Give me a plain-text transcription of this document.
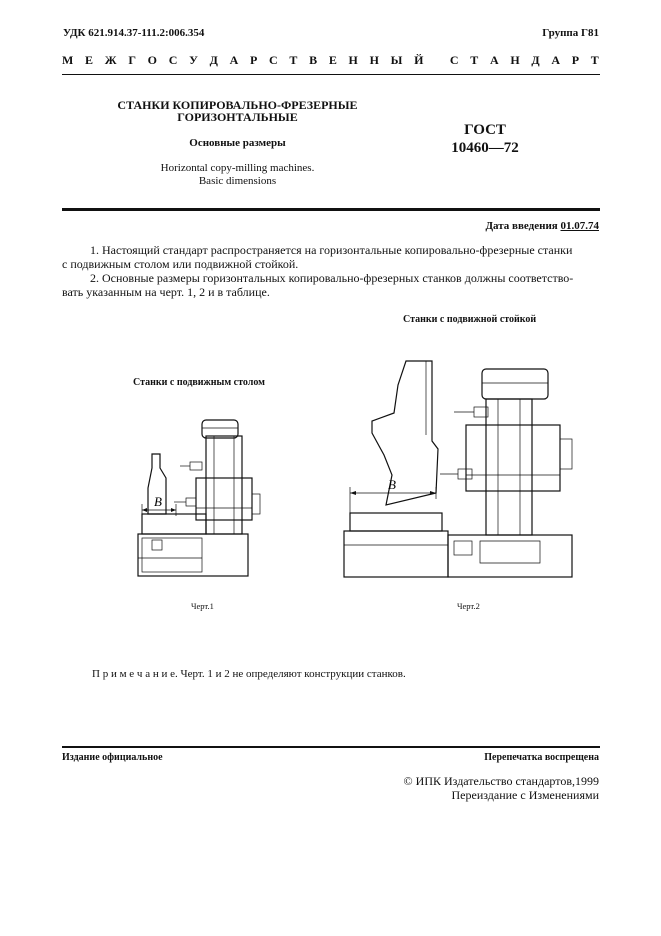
УДК 621.914.37-111.2:006.354	Группа Г81
М Е Ж Г О С У Д А Р С Т В Е Н Н Ы Й
С Т А Н Д А Р Т
СТАНКИ КОПИРОВАЛЬНО-ФРЕЗЕРНЫЕ
ГОРИЗОНТАЛЬНЫЕ
Основные размеры
Horizontal copy-milling machines.
Basic dimensions
ГОСТ
10460—72
Дата введения 01.07.74
1. Настоящий стандарт распространяется на горизонтальные копировально-фрезерные станки
с подвижным столом или подвижной стойкой.
2. Основные размеры горизонтальных копировально-фрезерных станков должны соответство-
вать указанным на черт. 1, 2 и в таблице.
Станки с подвижным столом
Станки с подвижной стойкой
B
B
Черт.1	Черт.2
П р и м е ч а н и е. Черт. 1 и 2 не определяют конструкции станков.
Издание официальное	Перепечатка воспрещена
© ИПК Издательство стандартов,1999
Переиздание с Изменениями
